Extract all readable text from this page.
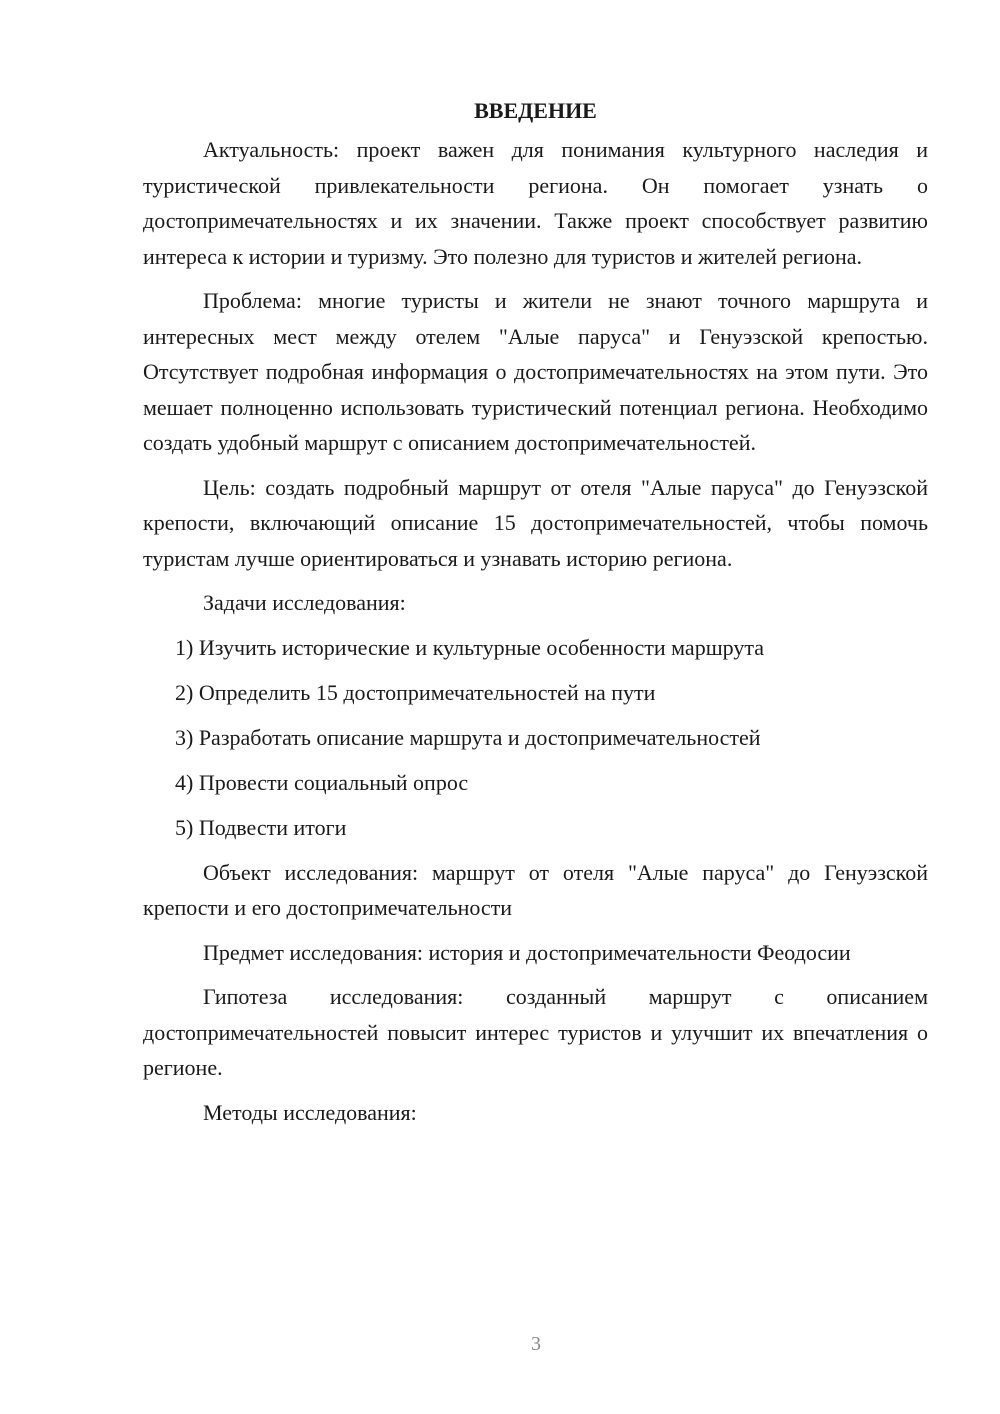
ВВЕДЕНИЕ

Актуальность: проект важен для понимания культурного наследия и туристической привлекательности региона. Он помогает узнать о достопримечательностях и их значении. Также проект способствует развитию интереса к истории и туризму. Это полезно для туристов и жителей региона.

Проблема: многие туристы и жители не знают точного маршрута и интересных мест между отелем "Алые паруса" и Генуэзской крепостью. Отсутствует подробная информация о достопримечательностях на этом пути. Это мешает полноценно использовать туристический потенциал региона. Необходимо создать удобный маршрут с описанием достопримечательностей.

Цель: создать подробный маршрут от отеля "Алые паруса" до Генуэзской крепости, включающий описание 15 достопримечательностей, чтобы помочь туристам лучше ориентироваться и узнавать историю региона.

Задачи исследования:

1) Изучить исторические и культурные особенности маршрута
2) Определить 15 достопримечательностей на пути
3) Разработать описание маршрута и достопримечательностей
4) Провести социальный опрос
5) Подвести итоги

Объект исследования: маршрут от отеля "Алые паруса" до Генуэзской крепости и его достопримечательности

Предмет исследования: история и достопримечательности Феодосии

Гипотеза исследования: созданный маршрут с описанием достопримечательностей повысит интерес туристов и улучшит их впечатления о регионе.

Методы исследования:

3
